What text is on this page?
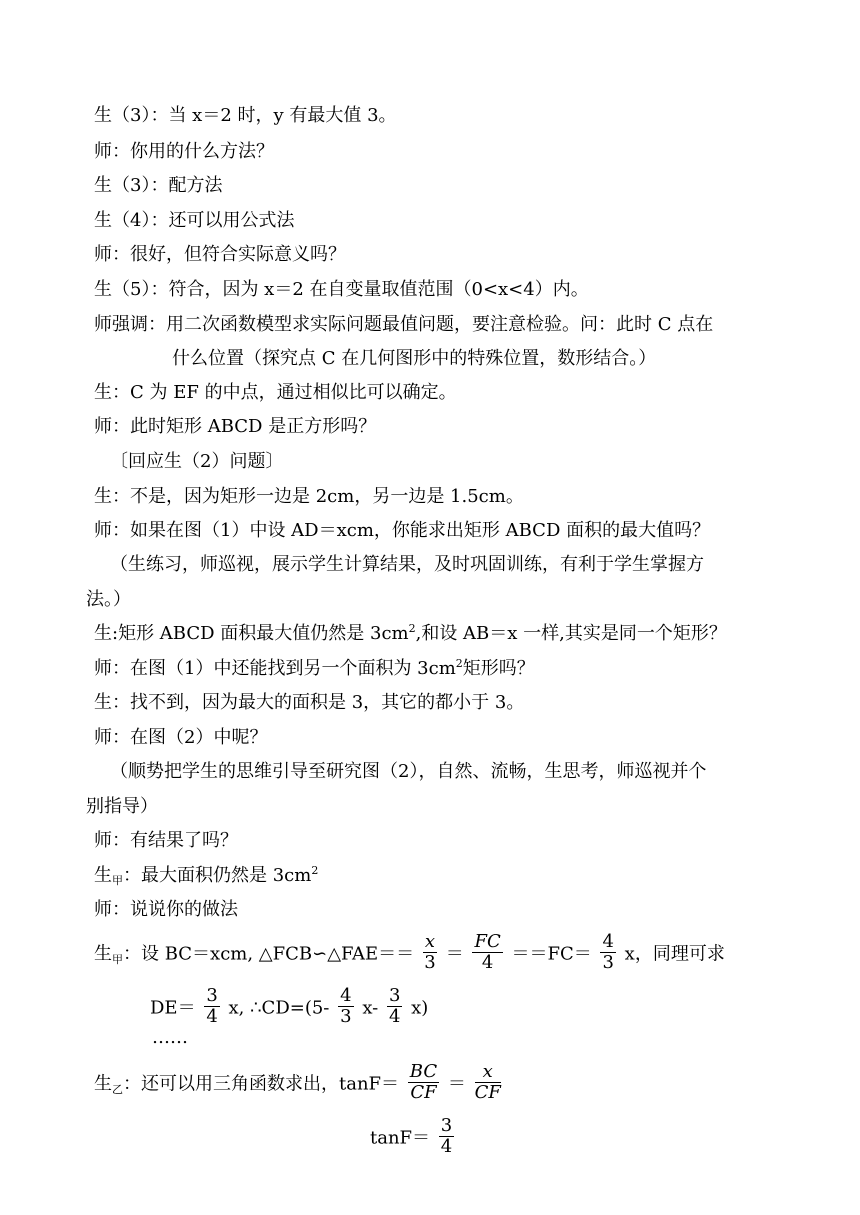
生（3）：当 x＝2 时，y 有最大值 3。
师：你用的什么方法？
生（3）：配方法
生（4）：还可以用公式法
师：很好，但符合实际意义吗？
生（5）：符合，因为 x＝2 在自变量取值范围（0<x<4）内。
师强调：用二次函数模型求实际问题最值问题，要注意检验。问：此时 C 点在
什么位置（探究点 C 在几何图形中的特殊位置，数形结合。）
生：C 为 EF 的中点，通过相似比可以确定。
师：此时矩形 ABCD 是正方形吗？
〔回应生（2）问题〕
生：不是，因为矩形一边是 2cm，另一边是 1.5cm。
师：如果在图（1）中设 AD＝xcm，你能求出矩形 ABCD 面积的最大值吗？
（生练习，师巡视，展示学生计算结果，及时巩固训练，有利于学生掌握方
法。）
生:矩形 ABCD 面积最大值仍然是 $3cm^2$,和设 AB＝x 一样,其实是同一个矩形？
师：在图（1）中还能找到另一个面积为 $3cm^2$矩形吗？
生：找不到，因为最大的面积是 3，其它的都小于 3。
师：在图（2）中呢？
（顺势把学生的思维引导至研究图（2），自然、流畅，生思考，师巡视并个
别指导）
师：有结果了吗？
生甲：最大面积仍然是 $3cm^2$
师：说说你的做法
生甲：设 BC＝xcm, △FCB∽△FAE＝＝ $\frac{x}{3} = \frac{FC}{4} ==FC= \frac{4}{3}$ x，同理可求
$DE= \frac{3}{4} x$, ∴CD=(5- $\frac{4}{3} x- \frac{3}{4} x$)
……
生乙：还可以用三角函数求出，$\tan F= \frac{BC}{CF} = \frac{x}{CF}$
$\tan F= \frac{3}{4}$
